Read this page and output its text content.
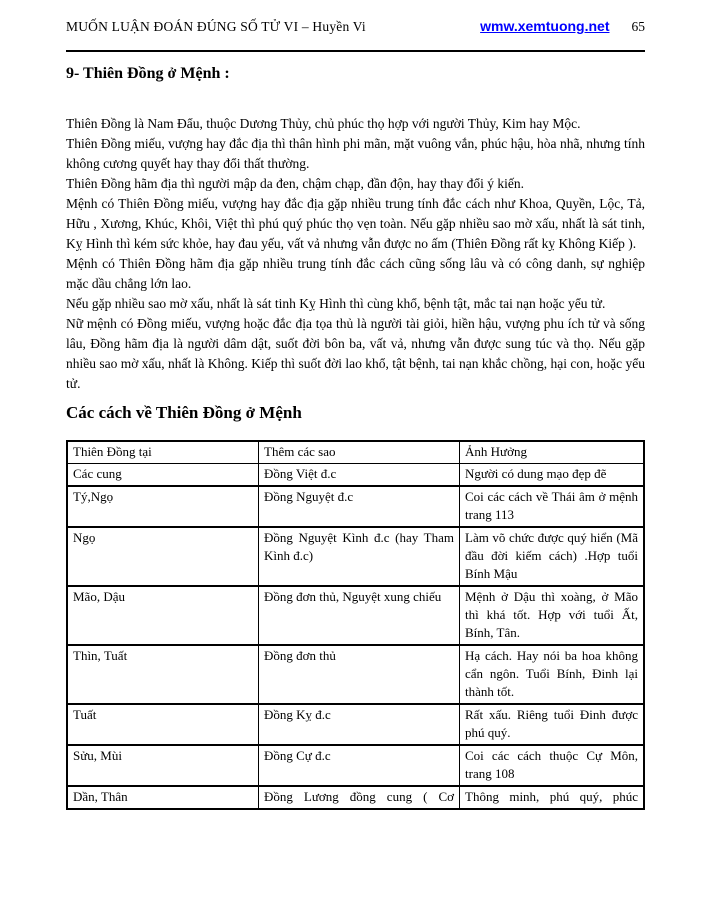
MUỐN LUẬN ĐOÁN ĐÚNG SỐ TỬ VI – Huyền Vi	wmw.xemtuong.net 65
9- Thiên Đồng ở Mệnh :

Thiên Đồng là Nam Đẩu, thuộc Dương Thủy, chủ phúc thọ hợp với người Thủy, Kim hay Mộc.

Thiên Đồng miếu, vượng hay đắc địa thì thân hình phi mãn, mặt vuông vắn, phúc hậu, hòa nhã, nhưng tính không cương quyết hay thay đổi thất thường.

Thiên Đồng hãm địa thì người mập da đen, chậm chạp, đần độn, hay thay đổi ý kiến.

Mệnh có Thiên Đồng miếu, vượng hay đắc địa gặp nhiều trung tính đắc cách như Khoa, Quyền, Lộc, Tả, Hữu , Xương, Khúc, Khôi, Việt thì phú quý phúc thọ vẹn toàn. Nếu gặp nhiều sao mờ xấu, nhất là sát tinh, Kỵ Hình thì kém sức khỏe, hay đau yếu, vất vả nhưng vẫn được no ấm (Thiên Đồng rất kỵ Không Kiếp ).

Mệnh có Thiên Đồng hãm địa gặp nhiều trung tính đắc cách cũng sống lâu và có công danh, sự nghiệp mặc dầu chẳng lớn lao.

Nếu gặp nhiều sao mờ xấu, nhất là sát tinh Kỵ Hình thì cùng khổ, bệnh tật, mắc tai nạn hoặc yểu tử.

Nữ mệnh có Đồng miếu, vượng hoặc đắc địa tọa thủ là người tài giỏi, hiền hậu, vượng phu ích tử và sống lâu, Đồng hãm địa là người dâm dật, suốt đời bôn ba, vất vả, nhưng vẫn được sung túc và thọ. Nếu gặp nhiều sao mờ xấu, nhất là Không. Kiếp thì suốt đời lao khổ, tật bệnh, tai nạn khắc chồng, hại con, hoặc yểu tử.

Các cách về Thiên Đồng ở Mệnh
Thiên Đồng tại	Thêm các sao	Ảnh Hưởng
Các cung	Đồng Việt đ.c	Người có dung mạo đẹp đẽ
Tý,Ngọ	Đồng Nguyệt đ.c	Coi các cách về Thái âm ở mệnh trang 113
Ngọ	Đồng Nguyệt Kình đ.c (hay Tham Kình đ.c)	Làm võ chức được quý hiển (Mã đầu đời kiếm cách) .Hợp tuổi Bính Mậu
Mão, Dậu	Đồng đơn thủ, Nguyệt xung chiếu	Mệnh ở Dậu thì xoàng, ở Mão thì khá tốt. Hợp với tuổi Ất, Bính, Tân.
Thìn, Tuất	Đồng đơn thủ	Hạ cách. Hay nói ba hoa không cẩn ngôn. Tuổi Bính, Đinh lại thành tốt.
Tuất	Đồng Kỵ đ.c	Rất xấu. Riêng tuổi Đinh được phú quý.
Sửu, Mùi	Đồng Cự đ.c	Coi các cách thuộc Cự Môn, trang 108
Dần, Thân	Đồng Lương đồng cung ( Cơ	Thông minh, phú quý, phúc
